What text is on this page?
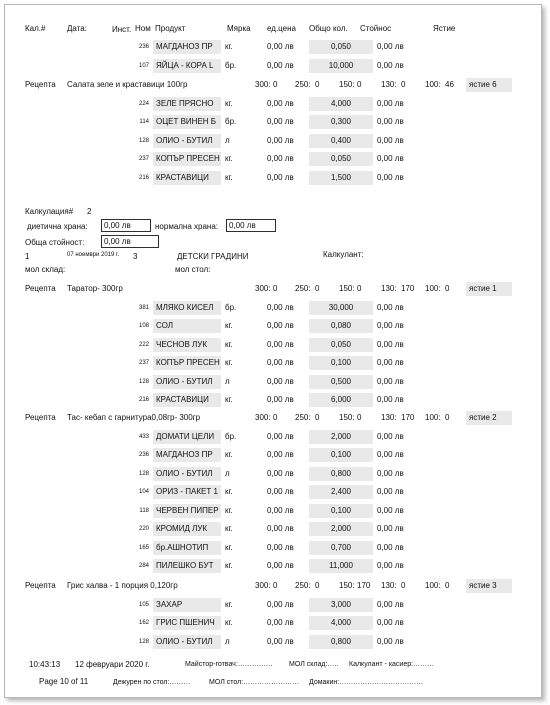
Кал.#	Дата:	Инст. Ном Продукт	Мярка ед.цена Общо кол. Стойнос	Ястие
236 МАГДАНОЗ ПР	кг.	0,00 лв	0,050	0,00 лв
107 ЯЙЦА - КОРА L	бр.	0,00 лв	10,000	0,00 лв
Рецепта Салата зеле и краставици 100гр	300: 0 250: 0 150: 0 130: 0 100: 46	ястие 6
224 ЗЕЛЕ ПРЯСНО	кг.	0,00 лв	4,000	0,00 лв
114 ОЦЕТ ВИНЕН Б	бр.	0,00 лв	0,300	0,00 лв
128 ОЛИО - БУТИЛ	л	0,00 лв	0,400	0,00 лв
237 КОПЪР ПРЕСЕН кг.	0,00 лв	0,050	0,00 лв
216 КРАСТАВИЦИ	кг.	0,00 лв	1,500	0,00 лв
Калкулация# 2
диетична храна:	0,00 лв	нормална храна:	0,00 лв
Обща стойност:	0,00 лв
1	07 ноември 2019 г. 3	ДЕТСКИ ГРАДИНИ	Калкулант:
мол склад:	мол стол:
Рецепта Таратор- 300гр	300: 0 250: 0 150: 0 130: 170 100: 0	ястие 1
381 МЛЯКО КИСЕЛ	бр.	0,00 лв	30,000	0,00 лв
108 СОЛ	кг.	0,00 лв	0,080	0,00 лв
222 ЧЕСНОВ ЛУК	кг.	0,00 лв	0,050	0,00 лв
237 КОПЪР ПРЕСЕН кг.	0,00 лв	0,100	0,00 лв
128 ОЛИО - БУТИЛ	л	0,00 лв	0,500	0,00 лв
216 КРАСТАВИЦИ	кг.	0,00 лв	6,000	0,00 лв
Рецепта Тас- кебап с гарнитура0,08гр- 300гр	300: 0 250: 0 150: 0 130: 170 100: 0	ястие 2
433 ДОМАТИ ЦЕЛИ	бр.	0,00 лв	2,000	0,00 лв
236 МАГДАНОЗ ПР	кг.	0,00 лв	0,100	0,00 лв
128 ОЛИО - БУТИЛ	л	0,00 лв	0,800	0,00 лв
104 ОРИЗ - ПАКЕТ 1 кг.	0,00 лв	2,400	0,00 лв
118 ЧЕРВЕН ПИПЕР кг.	0,00 лв	0,100	0,00 лв
220 КРОМИД ЛУК	кг.	0,00 лв	2,000	0,00 лв
165 бр.АШНОТИП	кг.	0,00 лв	0,700	0,00 лв
284 ПИЛЕШКО БУТ	кг.	0,00 лв	11,000	0,00 лв
Рецепта Грис халва - 1 порция 0,120гр	300: 0 250: 0 150: 170 130: 0 100: 0	ястие 3
105 ЗАХАР	кг.	0,00 лв	3,000	0,00 лв
162 ГРИС ПШЕНИЧ	кг.	0,00 лв	4,000	0,00 лв
128 ОЛИО - БУТИЛ	л	0,00 лв	0,800	0,00 лв
10:43:13 12 февруари 2020 г.	Майстор-готвач:…………… МОЛ склад:….. Калкулант - касиер:………
Page 10 of 11	Дежурен по стол:………	МОЛ стол:…………………… Домакин:………………………………
